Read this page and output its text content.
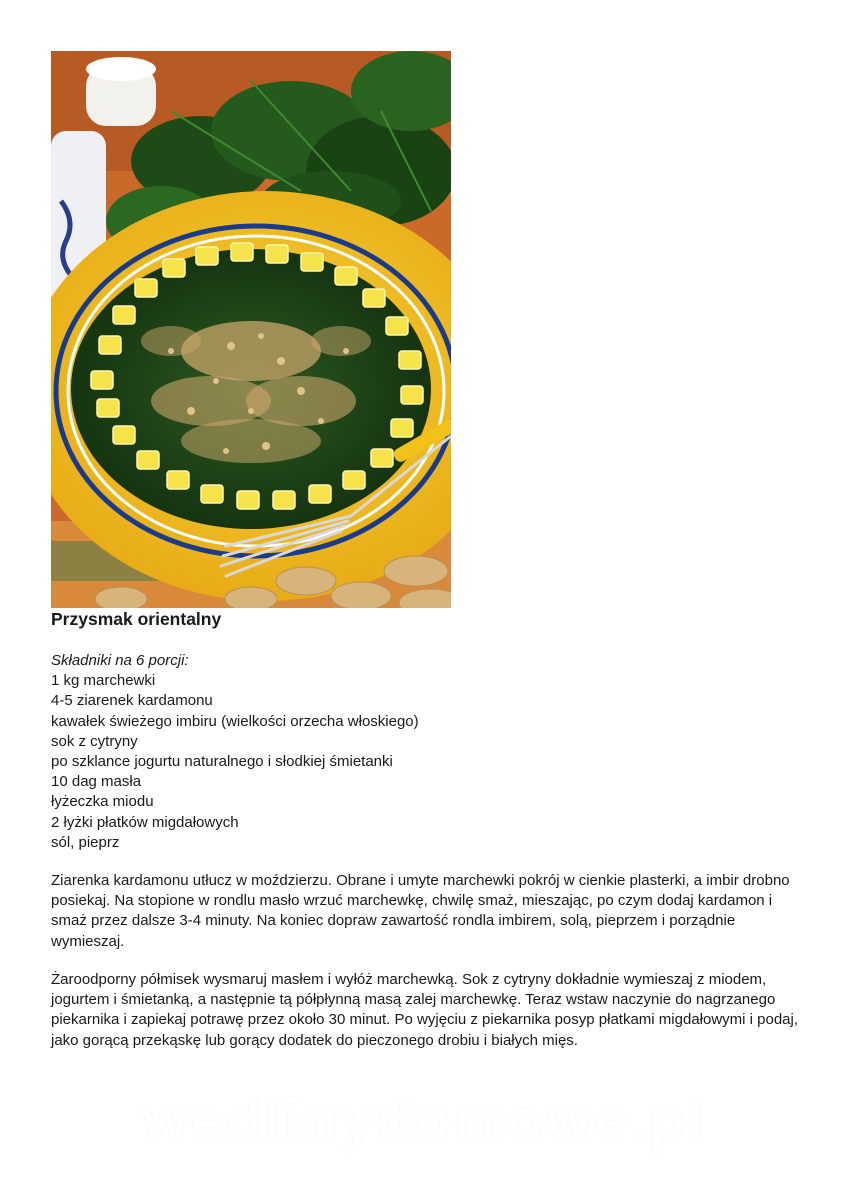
Przysmak orientalny
Składniki na 6 porcji:
1 kg marchewki
4-5 ziarenek kardamonu
kawałek świeżego imbiru (wielkości orzecha włoskiego)
sok z cytryny
po szklance jogurtu naturalnego i słodkiej śmietanki
10 dag masła
łyżeczka miodu
2 łyżki płatków migdałowych
sól, pieprz

Ziarenka kardamonu utłucz w moździerzu. Obrane i umyte marchewki pokrój w cienkie plasterki, a imbir drobno posiekaj. Na stopione w rondlu masło wrzuć marchewkę, chwilę smaż, mieszając, po czym dodaj kardamon i smaż przez dalsze 3-4 minuty. Na koniec dopraw zawartość rondla imbirem, solą, pieprzem i porządnie wymieszaj.

Żaroodporny półmisek wysmaruj masłem i wyłóż marchewką. Sok z cytryny dokładnie wymieszaj z miodem, jogurtem i śmietanką, a następnie tą półpłynną masą zalej marchewkę. Teraz wstaw naczynie do nagrzanego piekarnika i zapiekaj potrawę przez około 30 minut. Po wyjęciu z piekarnika posyp płatkami migdałowymi i podaj, jako gorącą przekąskę lub gorący dodatek do pieczonego drobiu i białych mięs.

wedlinydomowe.pl
